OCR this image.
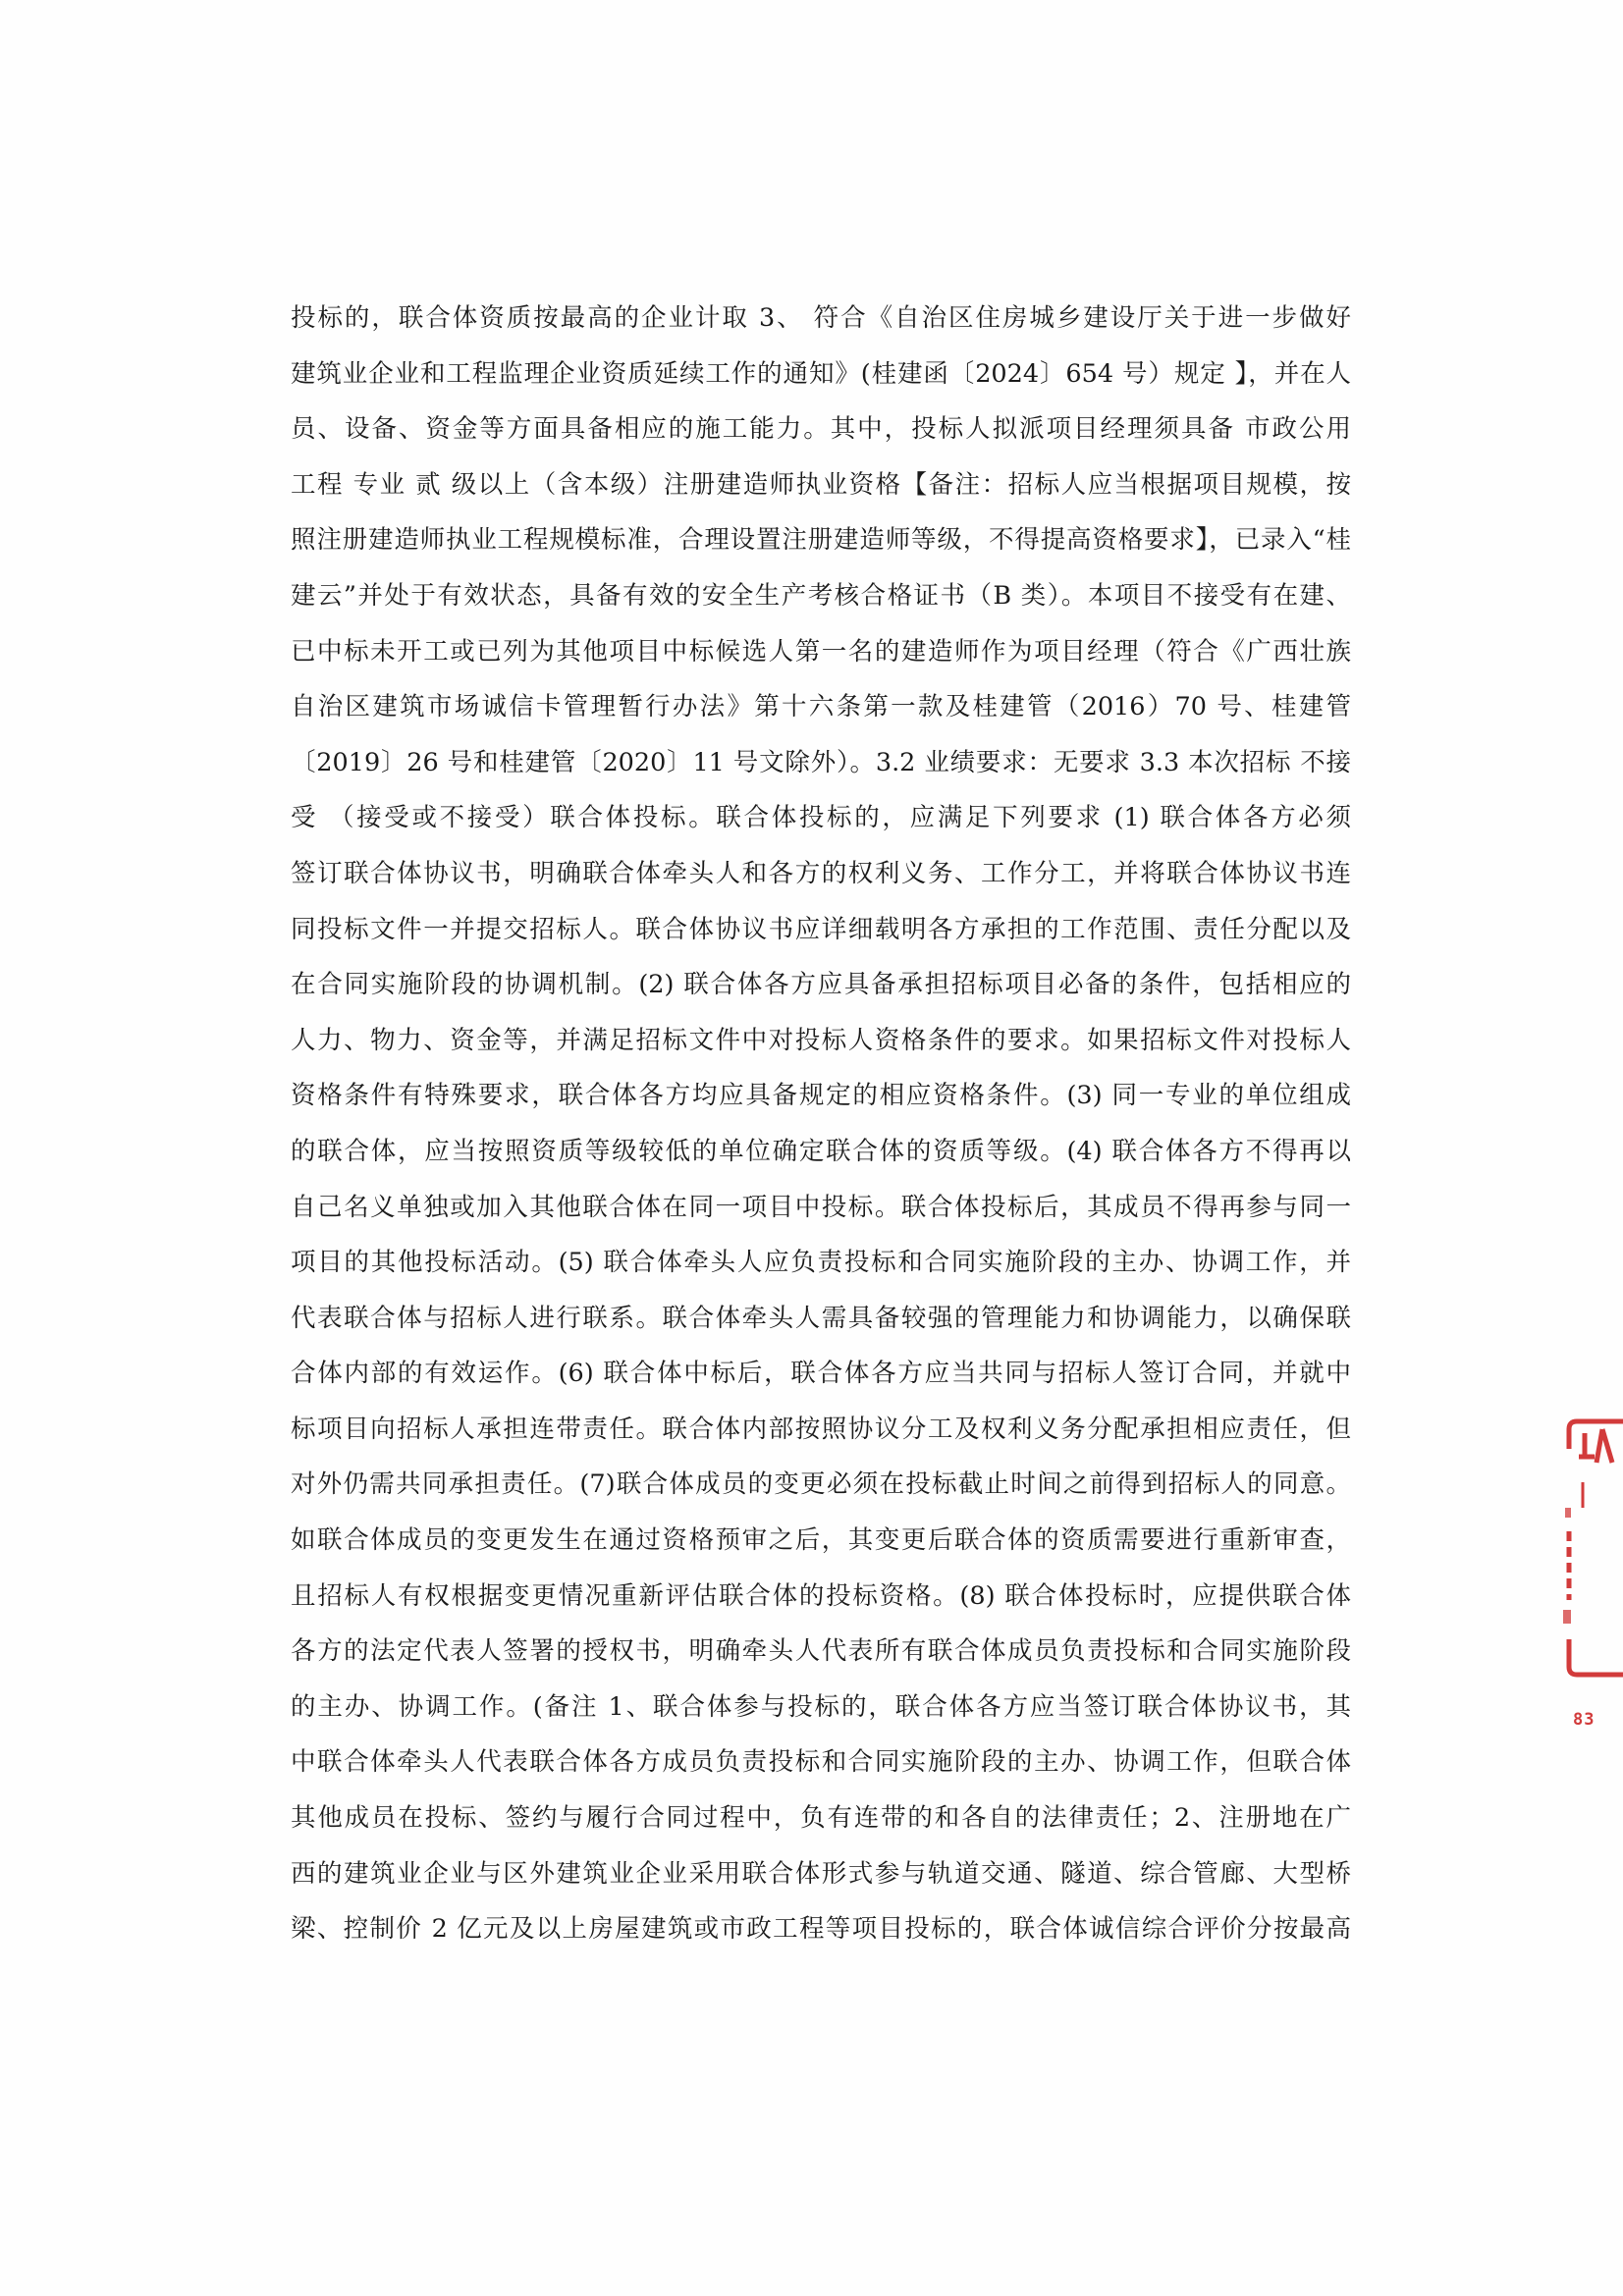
投标的，联合体资质按最高的企业计取 3、 符合《自治区住房城乡建设厅关于进一步做好
建筑业企业和工程监理企业资质延续工作的通知》(桂建函〔2024〕654 号）规定 】，并在人
员、设备、资金等方面具备相应的施工能力。其中，投标人拟派项目经理须具备 市政公用
工程 专业 贰 级以上（含本级）注册建造师执业资格【备注：招标人应当根据项目规模，按
照注册建造师执业工程规模标准，合理设置注册建造师等级，不得提高资格要求】，已录入“桂
建云”并处于有效状态，具备有效的安全生产考核合格证书（B 类）。本项目不接受有在建、
已中标未开工或已列为其他项目中标候选人第一名的建造师作为项目经理（符合《广西壮族
自治区建筑市场诚信卡管理暂行办法》第十六条第一款及桂建管（2016）70 号、桂建管
〔2019〕26 号和桂建管〔2020〕11 号文除外）。3.2 业绩要求：无要求 3.3 本次招标 不接
受 （接受或不接受）联合体投标。联合体投标的，应满足下列要求 (1) 联合体各方必须
签订联合体协议书，明确联合体牵头人和各方的权利义务、工作分工，并将联合体协议书连
同投标文件一并提交招标人。联合体协议书应详细载明各方承担的工作范围、责任分配以及
在合同实施阶段的协调机制。(2) 联合体各方应具备承担招标项目必备的条件，包括相应的
人力、物力、资金等，并满足招标文件中对投标人资格条件的要求。如果招标文件对投标人
资格条件有特殊要求，联合体各方均应具备规定的相应资格条件。(3) 同一专业的单位组成
的联合体，应当按照资质等级较低的单位确定联合体的资质等级。(4) 联合体各方不得再以
自己名义单独或加入其他联合体在同一项目中投标。联合体投标后，其成员不得再参与同一
项目的其他投标活动。(5) 联合体牵头人应负责投标和合同实施阶段的主办、协调工作，并
代表联合体与招标人进行联系。联合体牵头人需具备较强的管理能力和协调能力，以确保联
合体内部的有效运作。(6) 联合体中标后，联合体各方应当共同与招标人签订合同，并就中
标项目向招标人承担连带责任。联合体内部按照协议分工及权利义务分配承担相应责任，但
对外仍需共同承担责任。(7)联合体成员的变更必须在投标截止时间之前得到招标人的同意。
如联合体成员的变更发生在通过资格预审之后，其变更后联合体的资质需要进行重新审查，
且招标人有权根据变更情况重新评估联合体的投标资格。(8) 联合体投标时，应提供联合体
各方的法定代表人签署的授权书，明确牵头人代表所有联合体成员负责投标和合同实施阶段
的主办、协调工作。(备注 1、联合体参与投标的，联合体各方应当签订联合体协议书，其
中联合体牵头人代表联合体各方成员负责投标和合同实施阶段的主办、协调工作，但联合体
其他成员在投标、签约与履行合同过程中，负有连带的和各自的法律责任；2、注册地在广
西的建筑业企业与区外建筑业企业采用联合体形式参与轨道交通、隧道、综合管廊、大型桥
梁、控制价 2 亿元及以上房屋建筑或市政工程等项目投标的，联合体诚信综合评价分按最高
83
